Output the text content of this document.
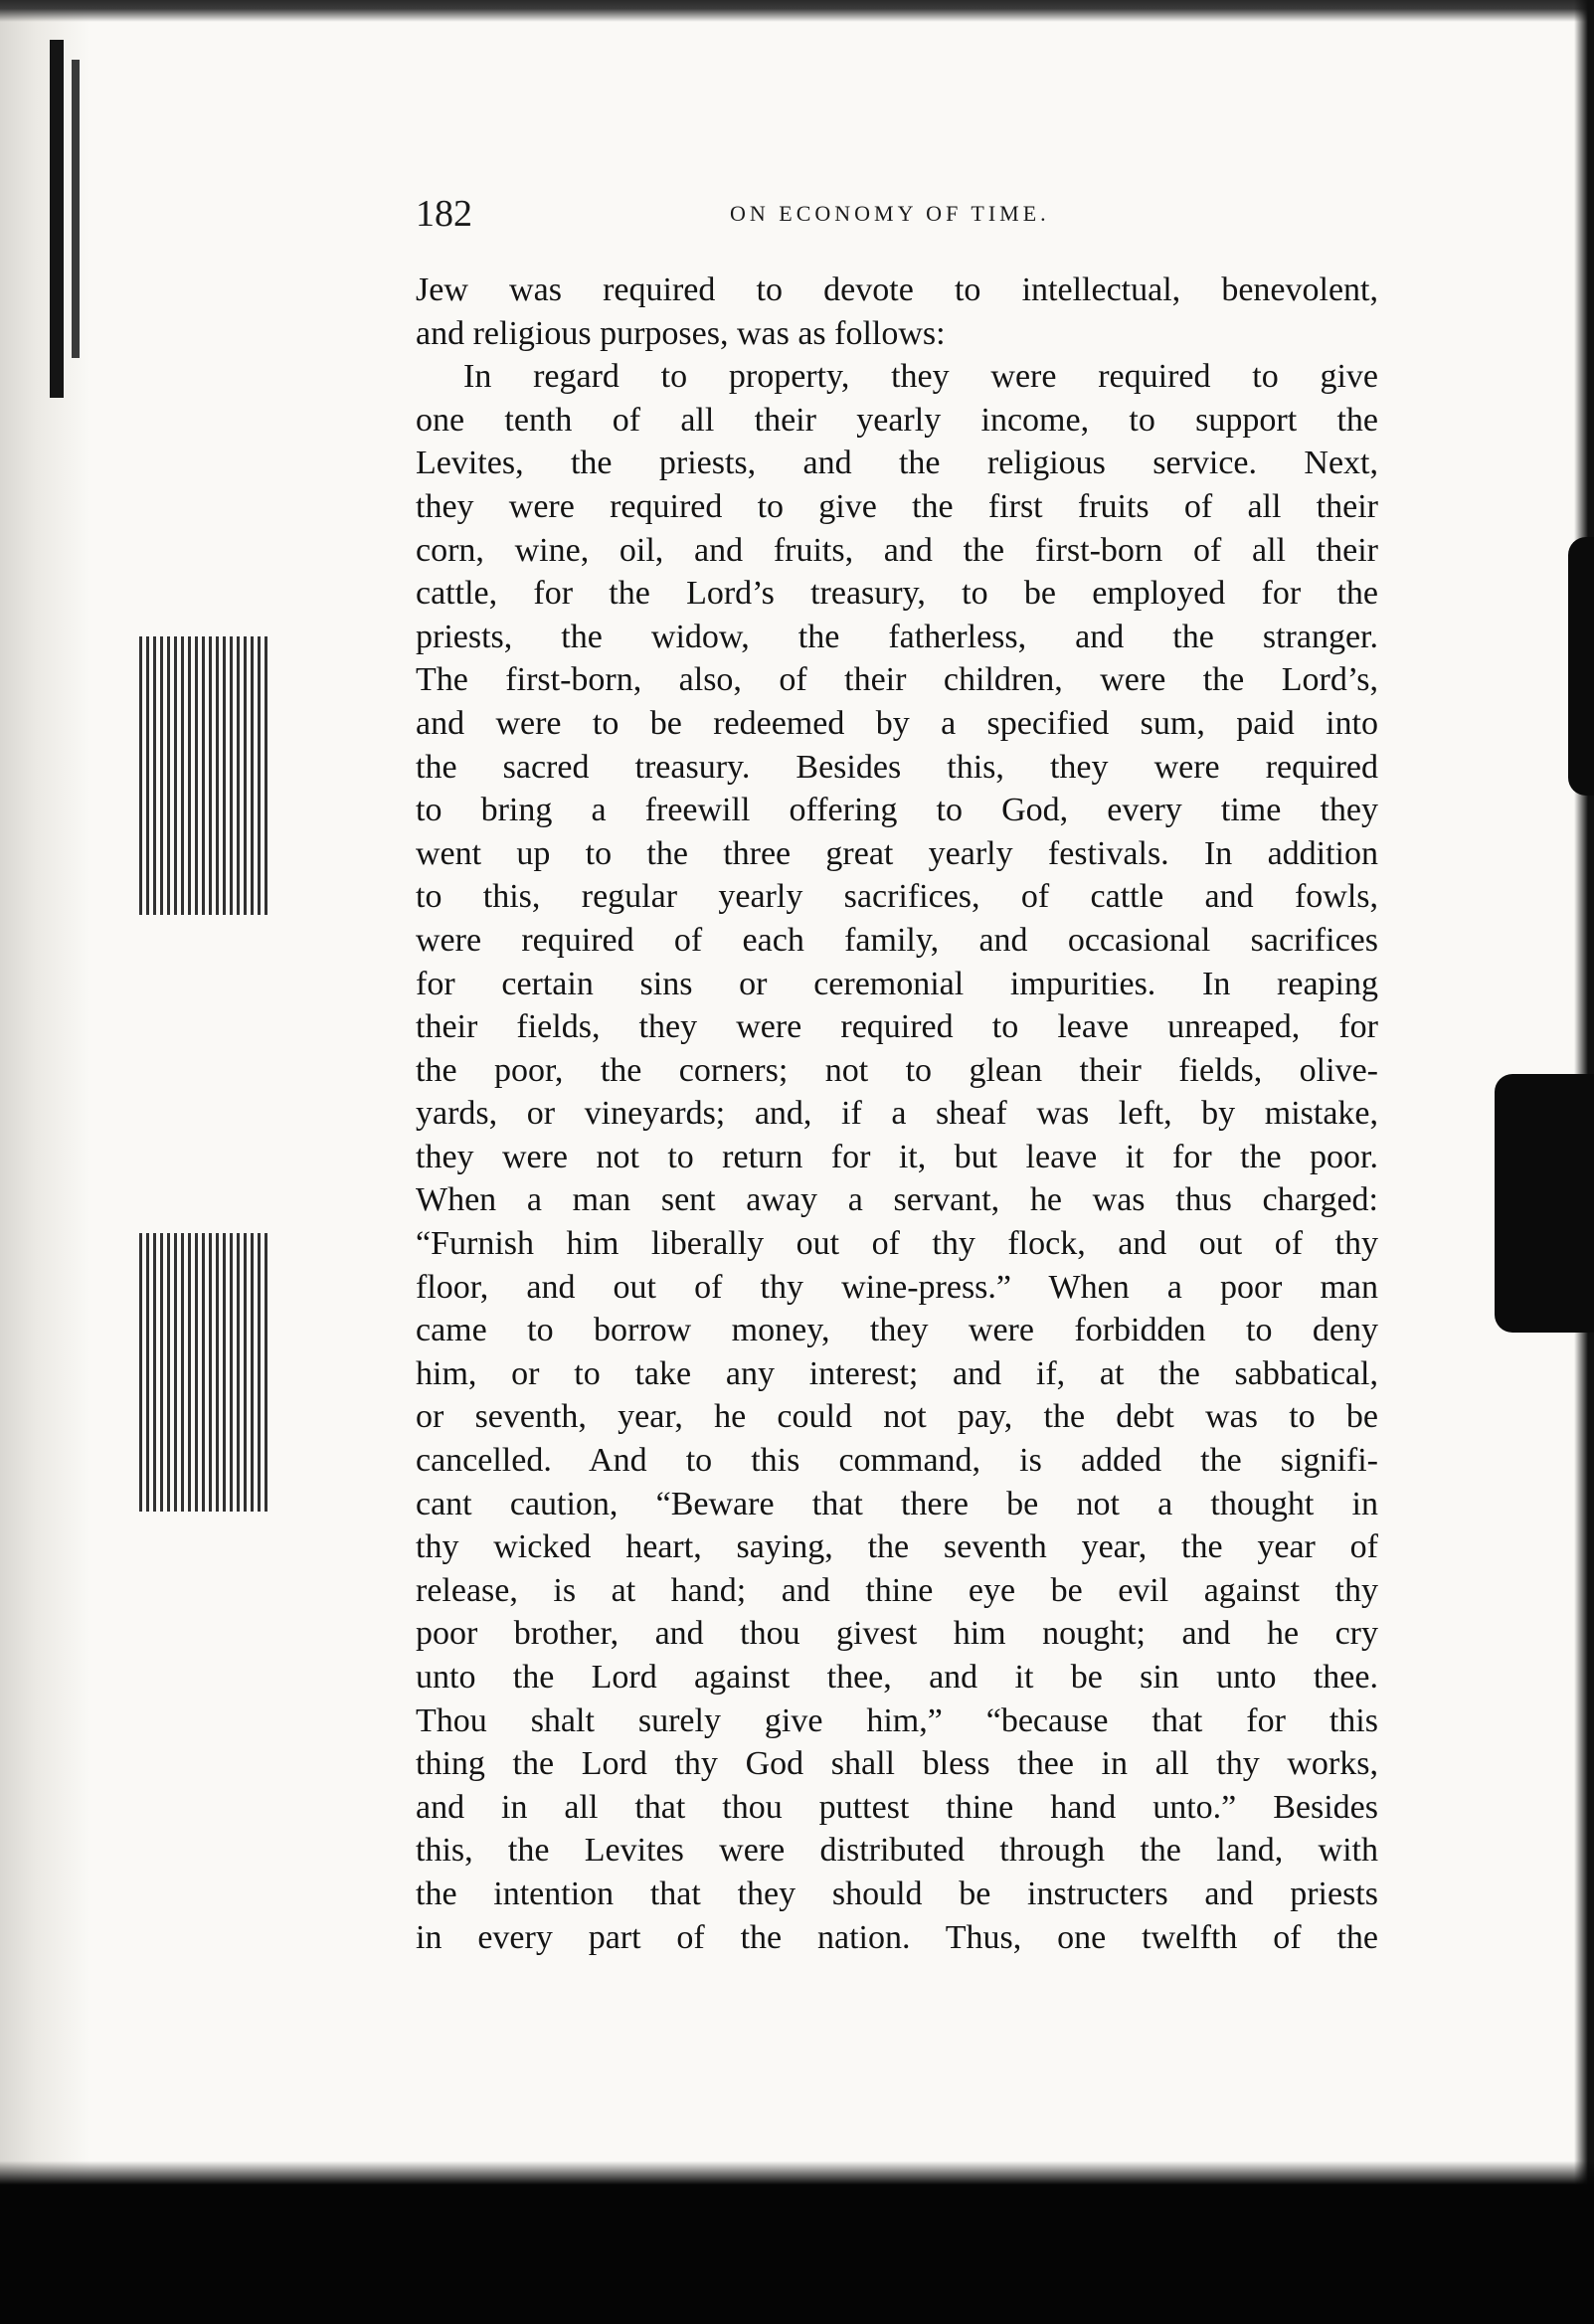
182	ON ECONOMY OF TIME.
Jew was required to devote to intellectual, benevolent,
and religious purposes, was as follows:
In regard to property, they were required to give
one tenth of all their yearly income, to support the
Levites, the priests, and the religious service. Next,
they were required to give the first fruits of all their
corn, wine, oil, and fruits, and the first-born of all their
cattle, for the Lord’s treasury, to be employed for the
priests, the widow, the fatherless, and the stranger.
The first-born, also, of their children, were the Lord’s,
and were to be redeemed by a specified sum, paid into
the sacred treasury. Besides this, they were required
to bring a freewill offering to God, every time they
went up to the three great yearly festivals. In addition
to this, regular yearly sacrifices, of cattle and fowls,
were required of each family, and occasional sacrifices
for certain sins or ceremonial impurities. In reaping
their fields, they were required to leave unreaped, for
the poor, the corners; not to glean their fields, olive-
yards, or vineyards; and, if a sheaf was left, by mistake,
they were not to return for it, but leave it for the poor.
When a man sent away a servant, he was thus charged:
“Furnish him liberally out of thy flock, and out of thy
floor, and out of thy wine-press.” When a poor man
came to borrow money, they were forbidden to deny
him, or to take any interest; and if, at the sabbatical,
or seventh, year, he could not pay, the debt was to be
cancelled. And to this command, is added the signifi-
cant caution, “Beware that there be not a thought in
thy wicked heart, saying, the seventh year, the year of
release, is at hand; and thine eye be evil against thy
poor brother, and thou givest him nought; and he cry
unto the Lord against thee, and it be sin unto thee.
Thou shalt surely give him,” “because that for this
thing the Lord thy God shall bless thee in all thy works,
and in all that thou puttest thine hand unto.” Besides
this, the Levites were distributed through the land, with
the intention that they should be instructers and priests
in every part of the nation. Thus, one twelfth of the
